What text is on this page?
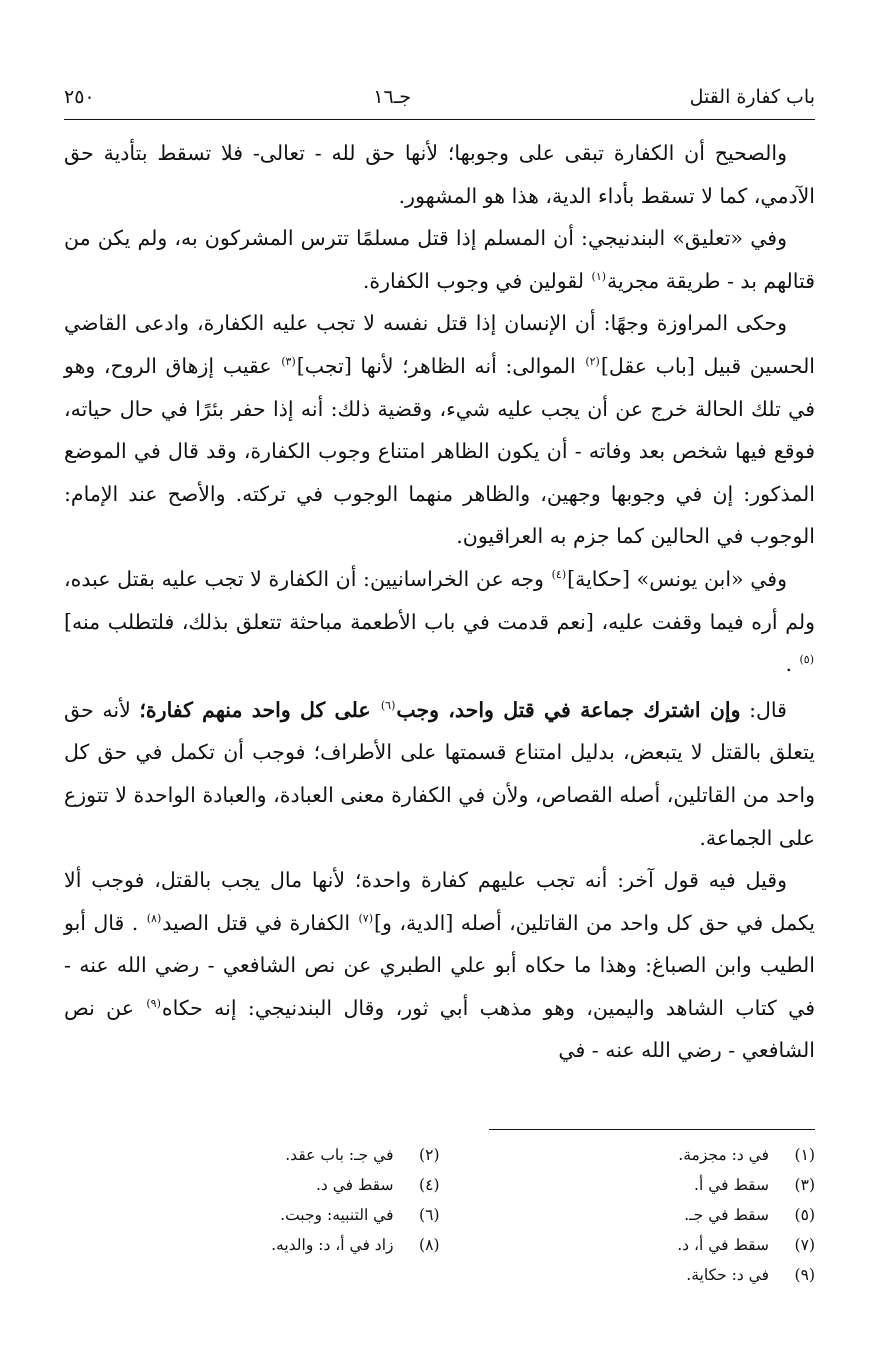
باب كفارة القتل
جـ١٦
٢٥٠

والصحيح أن الكفارة تبقى على وجوبها؛ لأنها حق لله - تعالى- فلا تسقط بتأدية حق الآدمي، كما لا تسقط بأداء الدية، هذا هو المشهور.

وفي «تعليق» البندنيجي: أن المسلم إذا قتل مسلمًا تترس المشركون به، ولم يكن من قتالهم بد - طريقة مجرية$^{(١)}$ لقولين في وجوب الكفارة.

وحكى المراوزة وجهًا: أن الإنسان إذا قتل نفسه لا تجب عليه الكفارة، وادعى القاضي الحسين قبيل [باب عقل]$^{(٢)}$ الموالى: أنه الظاهر؛ لأنها [تجب]$^{(٣)}$ عقيب إزهاق الروح، وهو في تلك الحالة خرج عن أن يجب عليه شيء، وقضية ذلك: أنه إذا حفر بئرًا في حال حياته، فوقع فيها شخص بعد وفاته - أن يكون الظاهر امتناع وجوب الكفارة، وقد قال في الموضع المذكور: إن في وجوبها وجهين، والظاهر منهما الوجوب في تركته. والأصح عند الإمام: الوجوب في الحالين كما جزم به العراقيون.

وفي «ابن يونس» [حكاية]$^{(٤)}$ وجه عن الخراسانيين: أن الكفارة لا تجب عليه بقتل عبده، ولم أره فيما وقفت عليه، [نعم قدمت في باب الأطعمة مباحثة تتعلق بذلك، فلتطلب منه]$^{(٥)}$ .

قال: وإن اشترك جماعة في قتل واحد، وجب$^{(٦)}$ على كل واحد منهم كفارة؛ لأنه حق يتعلق بالقتل لا يتبعض، بدليل امتناع قسمتها على الأطراف؛ فوجب أن تكمل في حق كل واحد من القاتلين، أصله القصاص، ولأن في الكفارة معنى العبادة، والعبادة الواحدة لا تتوزع على الجماعة.

وقيل فيه قول آخر: أنه تجب عليهم كفارة واحدة؛ لأنها مال يجب بالقتل، فوجب ألا يكمل في حق كل واحد من القاتلين، أصله [الدية، و]$^{(٧)}$ الكفارة في قتل الصيد$^{(٨)}$ . قال أبو الطيب وابن الصباغ: وهذا ما حكاه أبو علي الطبري عن نص الشافعي - رضي الله عنه - في كتاب الشاهد واليمين، وهو مذهب أبي ثور، وقال البندنيجي: إنه حكاه$^{(٩)}$ عن نص الشافعي - رضي الله عنه - في

(١)
في د: مجزمة.
(٢)
في جـ: باب عقد.
(٣)
سقط في أ.
(٤)
سقط في د.
(٥)
سقط في جـ.
(٦)
في التنبيه: وجبت.
(٧)
سقط في أ، د.
(٨)
زاد في أ، د: والديه.
(٩)
في د: حكاية.
